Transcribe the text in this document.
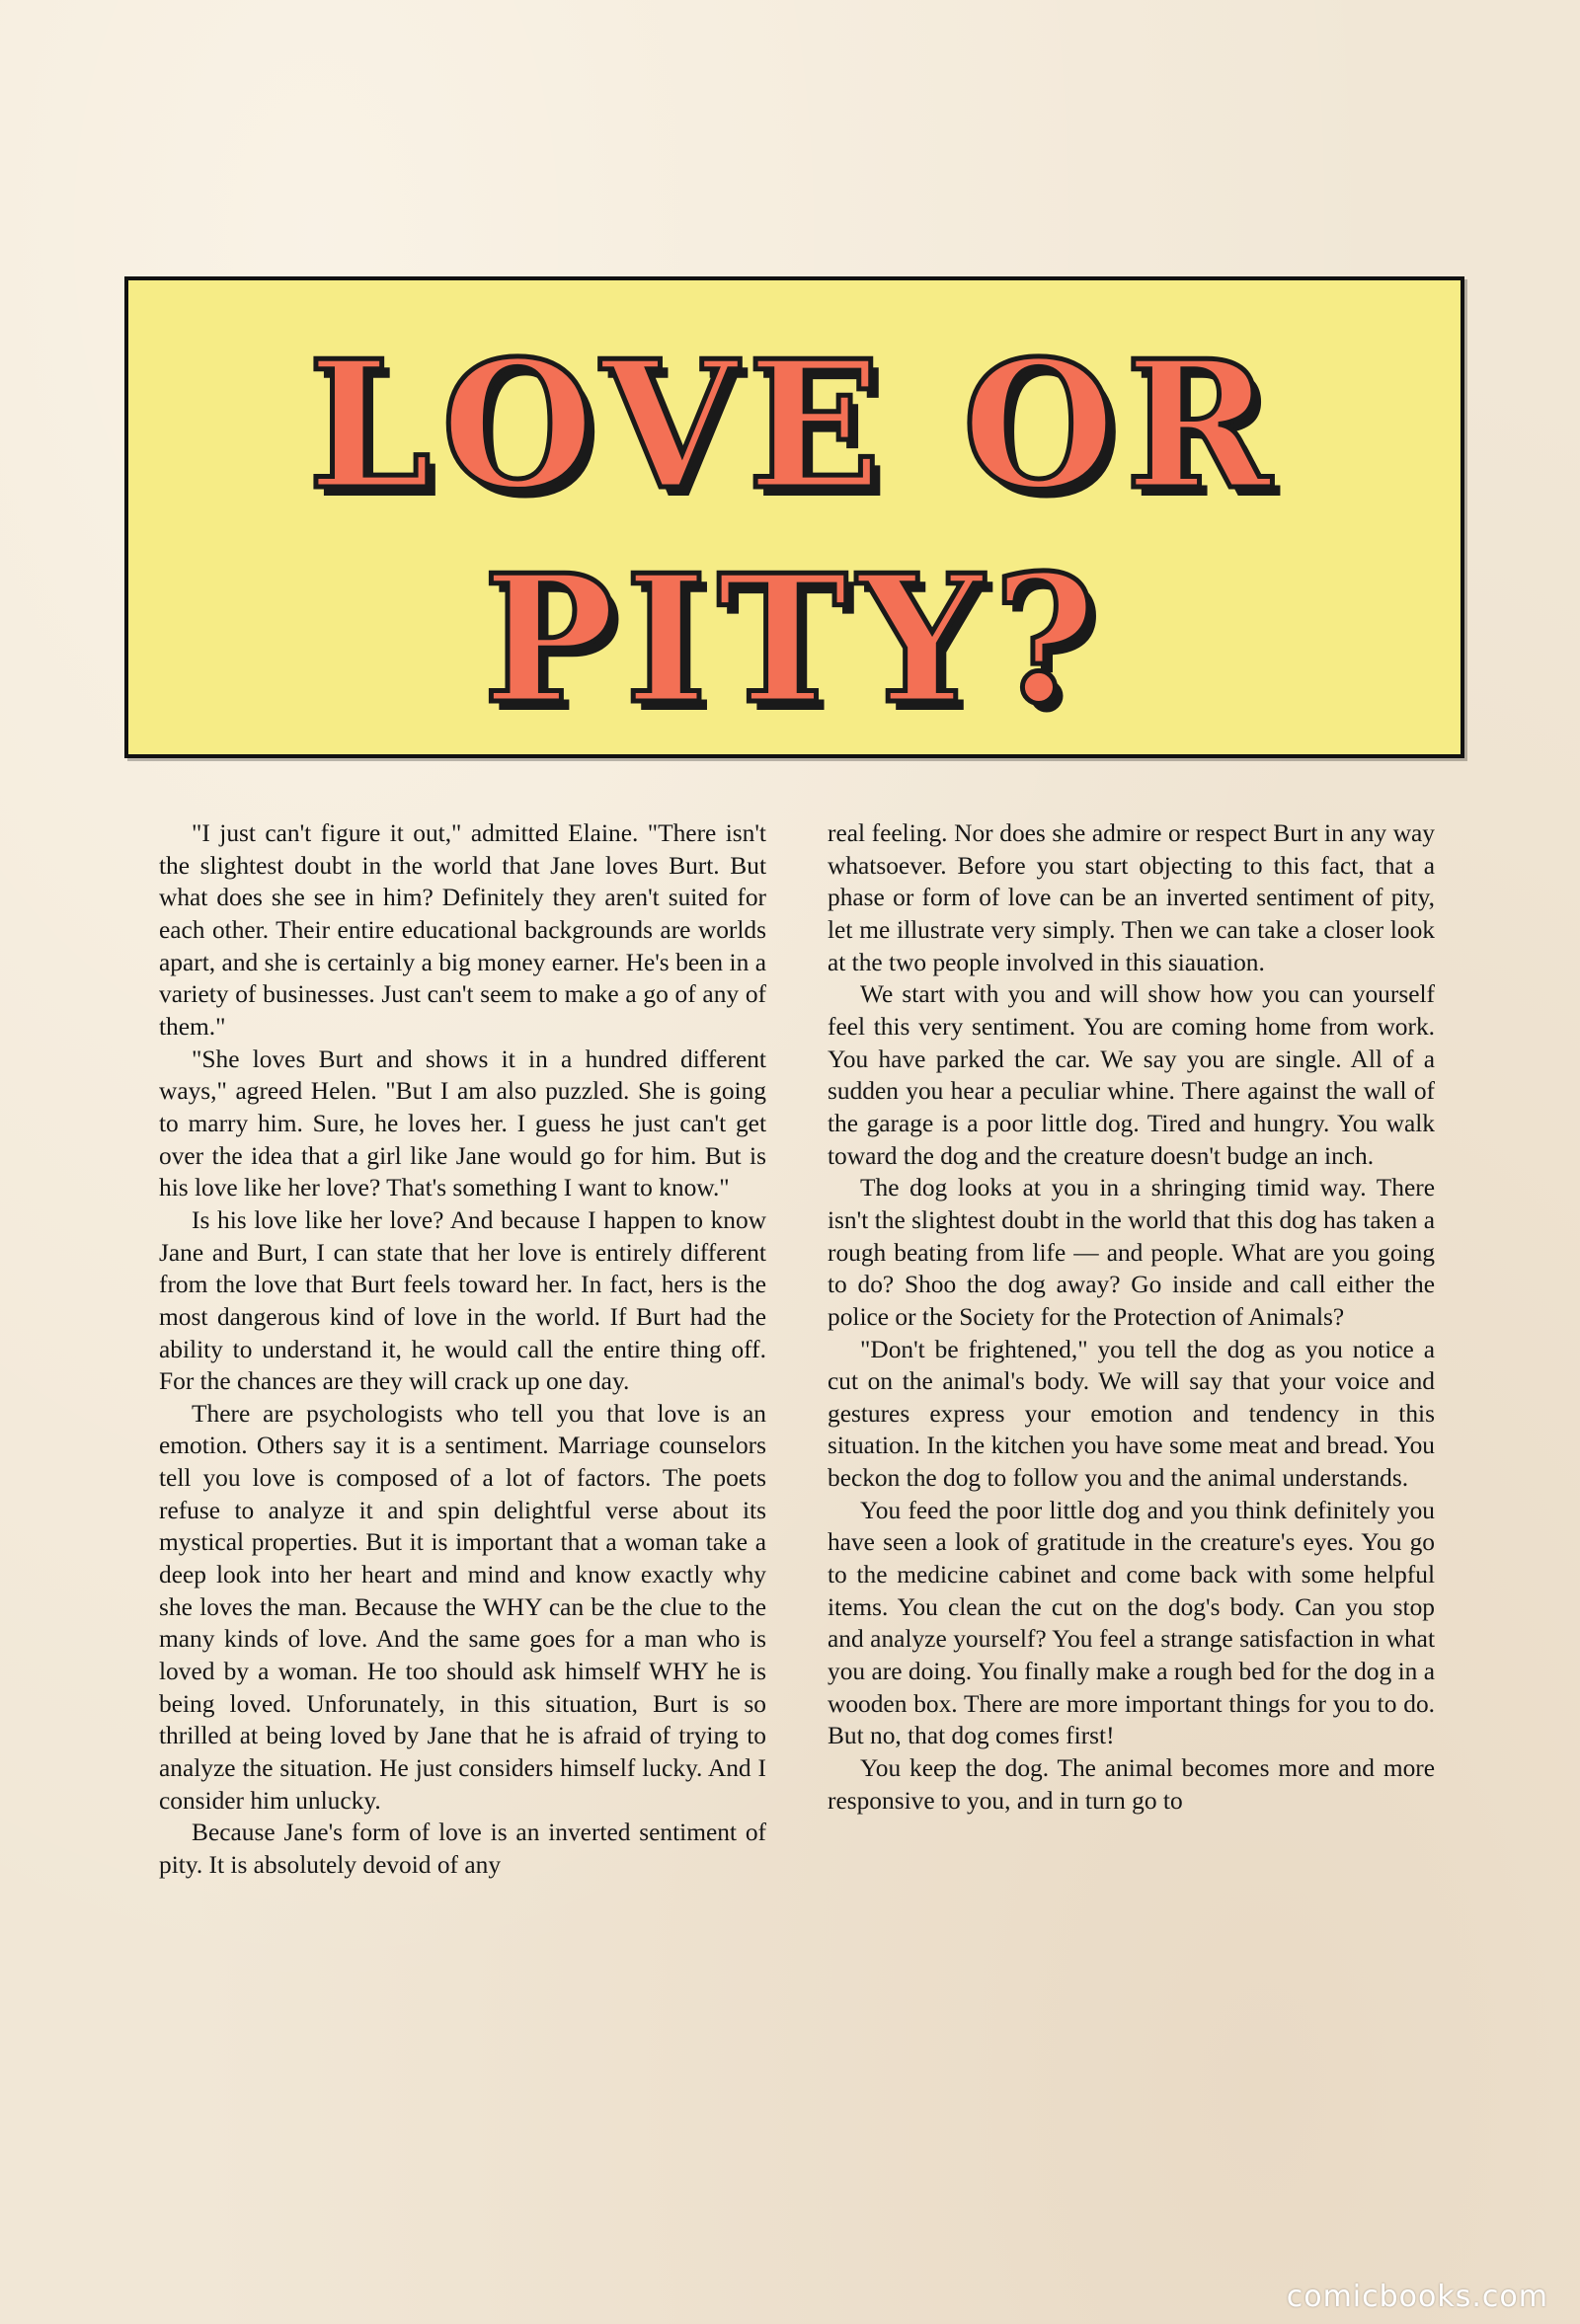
LOVE OR
PITY?

"I just can't figure it out," admitted Elaine. "There isn't the slightest doubt in the world that Jane loves Burt. But what does she see in him? Definitely they aren't suited for each other. Their entire educational backgrounds are worlds apart, and she is certainly a big money earner. He's been in a variety of businesses. Just can't seem to make a go of any of them."

"She loves Burt and shows it in a hundred different ways," agreed Helen. "But I am also puzzled. She is going to marry him. Sure, he loves her. I guess he just can't get over the idea that a girl like Jane would go for him. But is his love like her love? That's something I want to know."

Is his love like her love? And because I happen to know Jane and Burt, I can state that her love is entirely different from the love that Burt feels toward her. In fact, hers is the most dangerous kind of love in the world. If Burt had the ability to understand it, he would call the entire thing off. For the chances are they will crack up one day.

There are psychologists who tell you that love is an emotion. Others say it is a sentiment. Marriage counselors tell you love is composed of a lot of factors. The poets refuse to analyze it and spin delightful verse about its mystical properties. But it is important that a woman take a deep look into her heart and mind and know exactly why she loves the man. Because the WHY can be the clue to the many kinds of love. And the same goes for a man who is loved by a woman. He too should ask himself WHY he is being loved. Unforunately, in this situation, Burt is so thrilled at being loved by Jane that he is afraid of trying to analyze the situation. He just considers himself lucky. And I consider him unlucky.

Because Jane's form of love is an inverted sentiment of pity. It is absolutely devoid of any

real feeling. Nor does she admire or respect Burt in any way whatsoever. Before you start objecting to this fact, that a phase or form of love can be an inverted sentiment of pity, let me illustrate very simply. Then we can take a closer look at the two people involved in this siauation.

We start with you and will show how you can yourself feel this very sentiment. You are coming home from work. You have parked the car. We say you are single. All of a sudden you hear a peculiar whine. There against the wall of the garage is a poor little dog. Tired and hungry. You walk toward the dog and the creature doesn't budge an inch.

The dog looks at you in a shringing timid way. There isn't the slightest doubt in the world that this dog has taken a rough beating from life — and people. What are you going to do? Shoo the dog away? Go inside and call either the police or the Society for the Protection of Animals?

"Don't be frightened," you tell the dog as you notice a cut on the animal's body. We will say that your voice and gestures express your emotion and tendency in this situation. In the kitchen you have some meat and bread. You beckon the dog to follow you and the animal understands.

You feed the poor little dog and you think definitely you have seen a look of gratitude in the creature's eyes. You go to the medicine cabinet and come back with some helpful items. You clean the cut on the dog's body. Can you stop and analyze yourself? You feel a strange satisfaction in what you are doing. You finally make a rough bed for the dog in a wooden box. There are more important things for you to do. But no, that dog comes first!

You keep the dog. The animal becomes more and more responsive to you, and in turn go to

comicbooks.com
